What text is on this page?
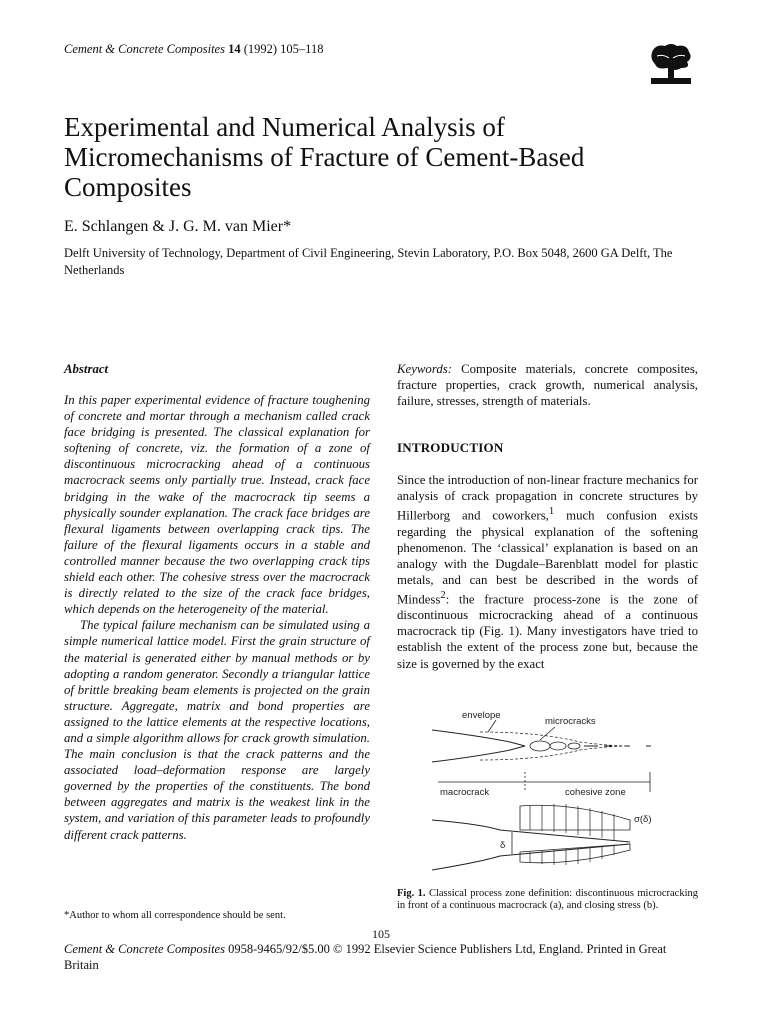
Cement & Concrete Composites 14 (1992) 105–118
Experimental and Numerical Analysis of Micromechanisms of Fracture of Cement-Based Composites
E. Schlangen & J. G. M. van Mier*
Delft University of Technology, Department of Civil Engineering, Stevin Laboratory, P.O. Box 5048, 2600 GA Delft, The Netherlands
Abstract

In this paper experimental evidence of fracture toughening of concrete and mortar through a mechanism called crack face bridging is presented. The classical explanation for softening of concrete, viz. the formation of a zone of discontinuous microcracking ahead of a continuous macrocrack seems only partially true. Instead, crack face bridging in the wake of the macrocrack tip seems a physically sounder explanation. The crack face bridges are flexural ligaments between overlapping crack tips. The failure of the flexural ligaments occurs in a stable and controlled manner because the two overlapping crack tips shield each other. The cohesive stress over the macrocrack is directly related to the size of the crack face bridges, which depends on the heterogeneity of the material.

The typical failure mechanism can be simulated using a simple numerical lattice model. First the grain structure of the material is generated either by manual methods or by adopting a random generator. Secondly a triangular lattice of brittle breaking beam elements is projected on the grain structure. Aggregate, matrix and bond properties are assigned to the lattice elements at the respective locations, and a simple algorithm allows for crack growth simulation. The main conclusion is that the crack patterns and the associated load–deformation response are largely governed by the properties of the constituents. The bond between aggregates and matrix is the weakest link in the system, and variation of this parameter leads to profoundly different crack patterns.

Keywords: Composite materials, concrete composites, fracture properties, crack growth, numerical analysis, failure, stresses, strength of materials.
INTRODUCTION
Since the introduction of non-linear fracture mechanics for analysis of crack propagation in concrete structures by Hillerborg and coworkers,$^1$ much confusion exists regarding the physical explanation of the softening phenomenon. The ‘classical’ explanation is based on an analogy with the Dugdale–Barenblatt model for plastic metals, and can best be described in the words of Mindess$^2$: the fracture process-zone is the zone of discontinuous microcracking ahead of a continuous macrocrack tip (Fig. 1). Many investigators have tried to establish the extent of the process zone but, because the size is governed by the exact
envelope
microcracks
macrocrack	cohesive zone
δ
σ(δ)
Fig. 1. Classical process zone definition: discontinuous microcracking in front of a continuous macrocrack (a), and closing stress (b).
*Author to whom all correspondence should be sent.
105
Cement & Concrete Composites 0958-9465/92/$5.00 © 1992 Elsevier Science Publishers Ltd, England. Printed in Great Britain
